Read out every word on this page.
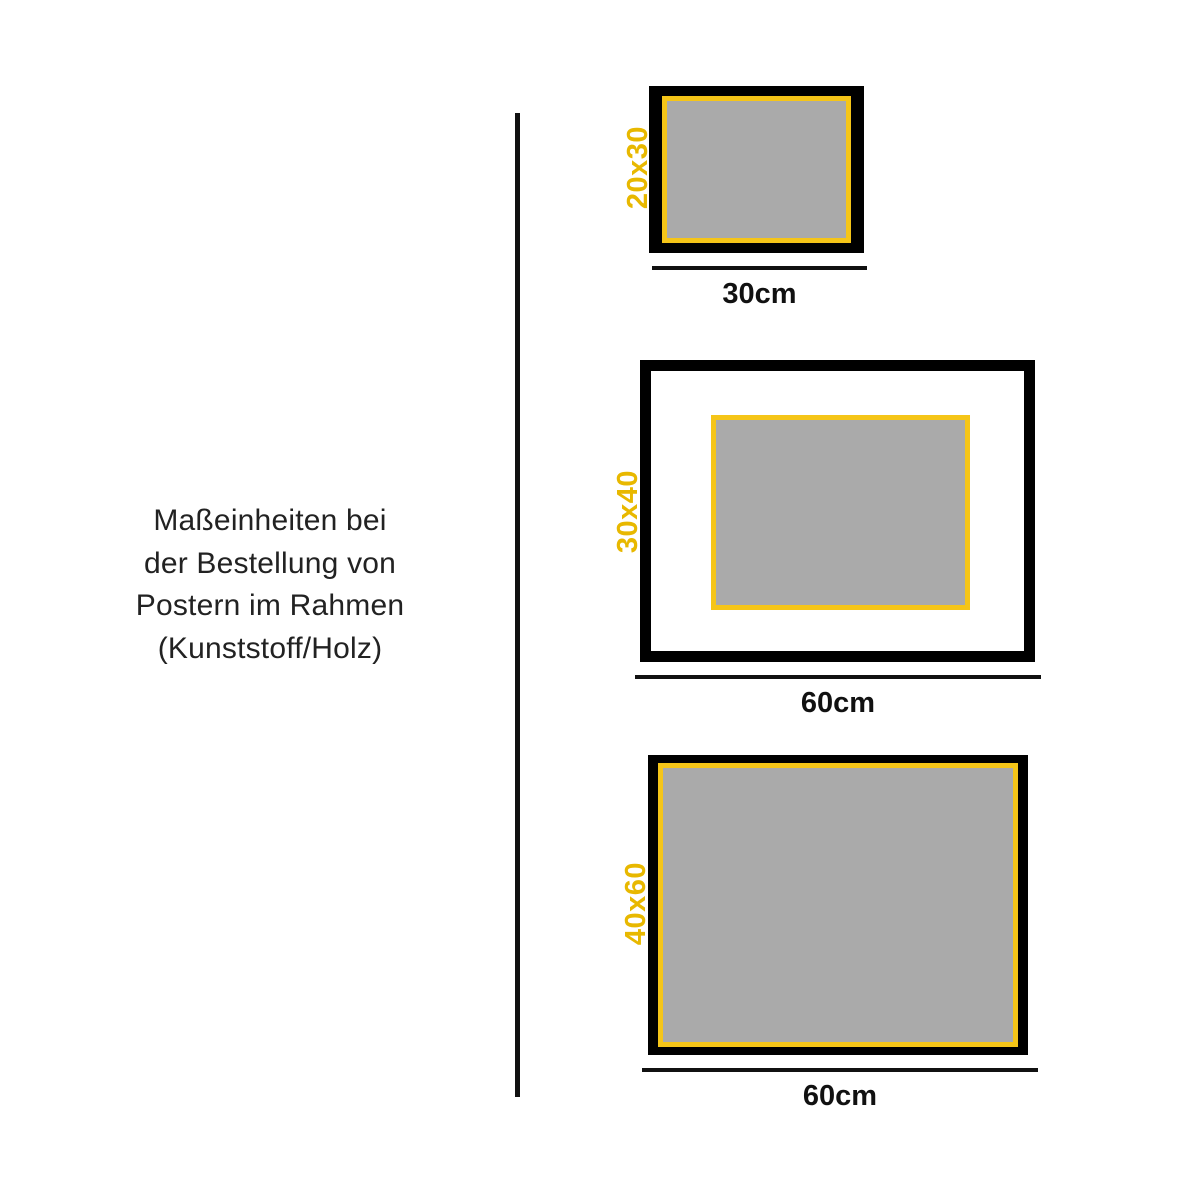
Maßeinheiten bei
der Bestellung von
Postern im Rahmen
(Kunststoff/Holz)
20x30
30cm
30x40
60cm
40x60
60cm
